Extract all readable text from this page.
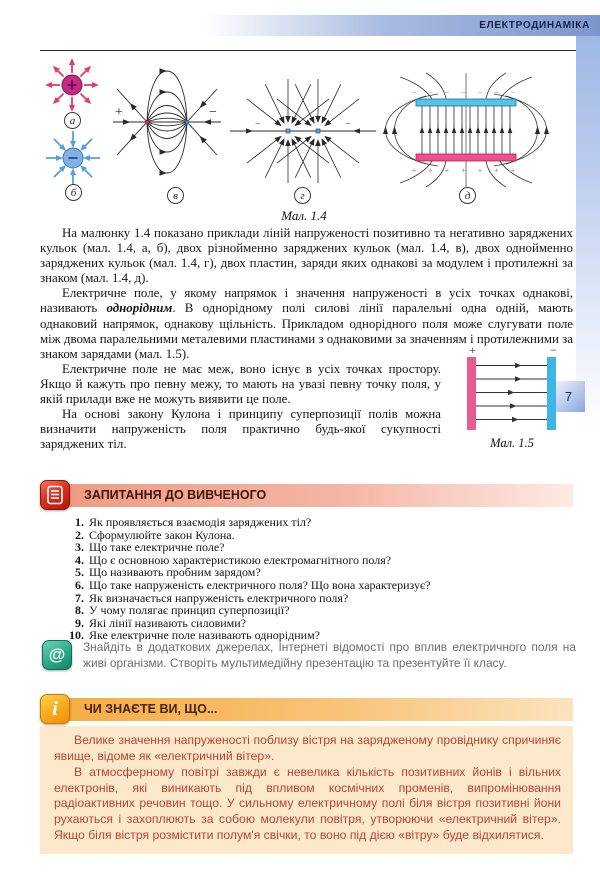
ЕЛЕКТРОДИНАМІКА
7
а
б
+	−
в
−	−
г
− − − − − − −
+ + + + + + +
д
Мал. 1.4

На малюнку 1.4 показано приклади ліній напруженості позитивно та негативно заряджених кульок (мал. 1.4, а, б), двох різнойменно заряджених кульок (мал. 1.4, в), двох однойменно заряджених кульок (мал. 1.4, г), двох пластин, заряди яких однакові за модулем і протилежні за знаком (мал. 1.4, д).

Електричне поле, у якому напрямок і значення напруженості в усіх точках однакові, називають однорідним. В однорідному полі силові лінії паралельні одна одній, мають однаковий напрямок, однакову щільність. Прикладом однорідного поля може слугувати поле між двома паралельними металевими пластинами з однаковими за значенням і протилежними за знаком зарядами (мал. 1.5).	+	−
Мал. 1.5

Електричне поле не має меж, воно існує в усіх точках простору. Якщо й кажуть про певну межу, то мають на увазі певну точку поля, у якій прилади вже не можуть виявити це поле.

На основі закону Кулона і принципу суперпозиції полів можна визначити напруженість поля практично будь-якої сукупності заряджених тіл.

ЗАПИТАННЯ ДО ВИВЧЕНОГО
1. Як проявляється взаємодія заряджених тіл?
2. Сформулюйте закон Кулона.
3. Що таке електричне поле?
4. Що є основною характеристикою електромагнітного поля?
5. Що називають пробним зарядом?
6. Що таке напруженість електричного поля? Що вона характеризує?
7. Як визначається напруженість електричного поля?
8. У чому полягає принцип суперпозиції?
9. Які лінії називають силовими?
10. Яке електричне поле називають однорідним?
@	Знайдіть в додаткових джерелах, Інтернеті відомості про вплив електричного поля на живі організми. Створіть мультимедійну презентацію та презентуйте її класу.
i	ЧИ ЗНАЄТЕ ВИ, ЩО...

Велике значення напруженості поблизу вістря на зарядженому провіднику спричиняє явище, відоме як «електричний вітер».

В атмосферному повітрі завжди є невелика кількість позитивних йонів і вільних електронів, які виникають під впливом космічних променів, випромінювання радіоактивних речовин тощо. У сильному електричному полі біля вістря позитивні йони рухаються і захоплюють за собою молекули повітря, утворюючи «електричний вітер». Якщо біля вістря розмістити полум'я свічки, то воно під дією «вітру» буде відхилятися.
